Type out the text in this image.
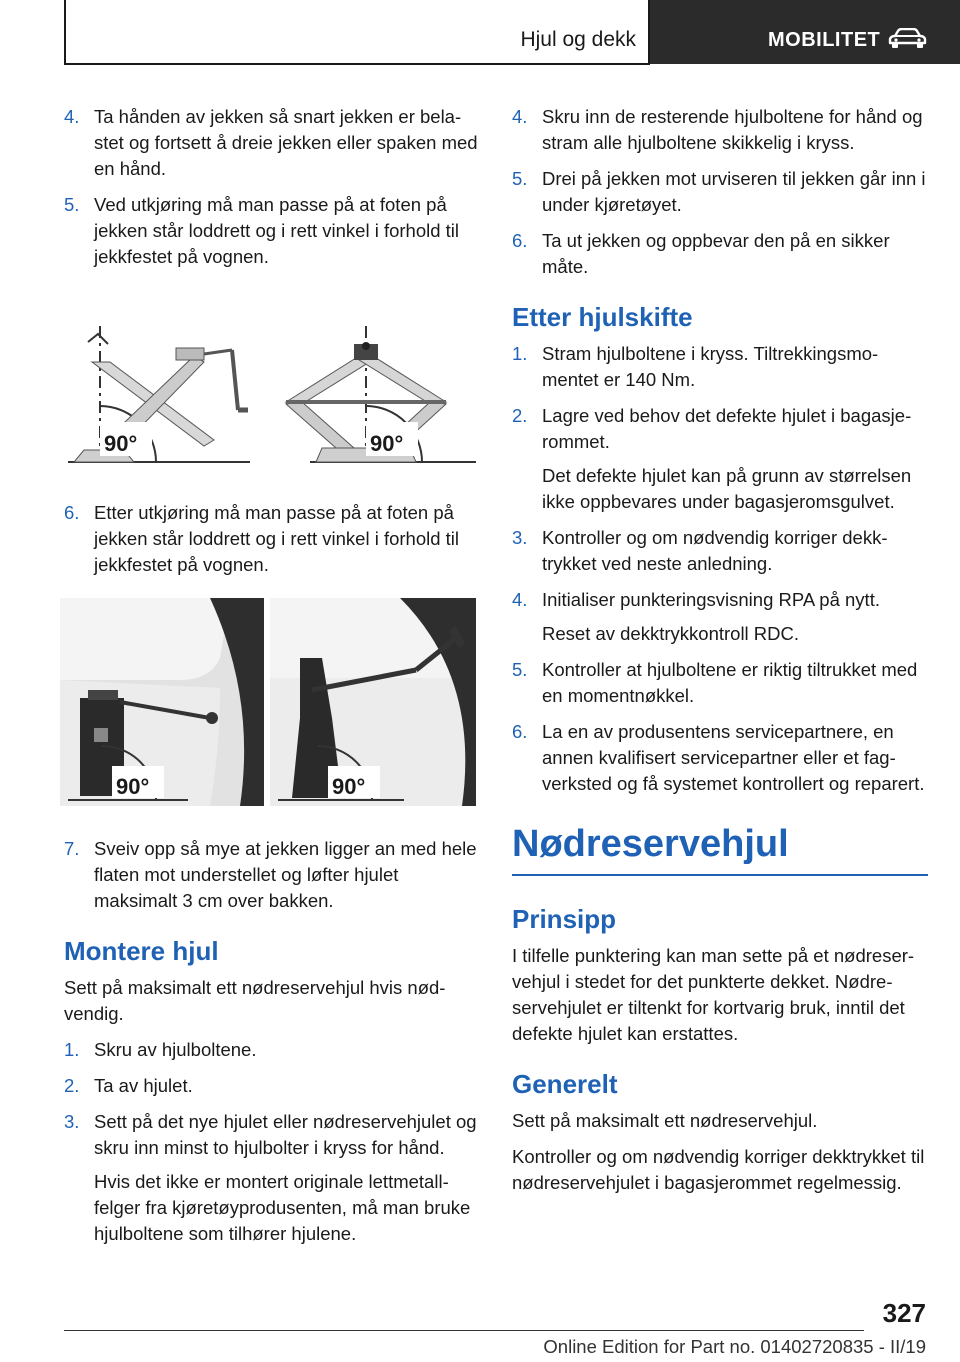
Hjul og dekk	MOBILITET
4. Ta hånden av jekken så snart jekken er belastet og fortsett å dreie jekken eller spaken med en hånd.
5. Ved utkjøring må man passe på at foten på jekken står loddrett og i rett vinkel i forhold til jekkfestet på vognen.
90°	90°
6. Etter utkjøring må man passe på at foten på jekken står loddrett og i rett vinkel i forhold til jekkfestet på vognen.
90°	90°
7. Sveiv opp så mye at jekken ligger an med hele flaten mot understellet og løfter hjulet maksimalt 3 cm over bakken.
Montere hjul
Sett på maksimalt ett nødreservehjul hvis nødvendig.
1. Skru av hjulboltene.
2. Ta av hjulet.
3. Sett på det nye hjulet eller nødreservehjulet og skru inn minst to hjulbolter i kryss for hånd.
Hvis det ikke er montert originale lettmetallfelger fra kjøretøyprodusenten, må man bruke hjulboltene som tilhører hjulene.
4. Skru inn de resterende hjulboltene for hånd og stram alle hjulboltene skikkelig i kryss.
5. Drei på jekken mot urviseren til jekken går inn i under kjøretøyet.
6. Ta ut jekken og oppbevar den på en sikker måte.
Etter hjulskifte
1. Stram hjulboltene i kryss. Tiltrekkingsmomentet er 140 Nm.
2. Lagre ved behov det defekte hjulet i bagasjerommet.
Det defekte hjulet kan på grunn av størrelsen ikke oppbevares under bagasjeromsgulvet.
3. Kontroller og om nødvendig korriger dekktrykket ved neste anledning.
4. Initialiser punkteringsvisning RPA på nytt.
Reset av dekktrykkontroll RDC.
5. Kontroller at hjulboltene er riktig tiltrukket med en momentnøkkel.
6. La en av produsentens servicepartnere, en annen kvalifisert servicepartner eller et fagverksted og få systemet kontrollert og reparert.
Nødreservehjul
Prinsipp
I tilfelle punktering kan man sette på et nødreservehjul i stedet for det punkterte dekket. Nødreservehjulet er tiltenkt for kortvarig bruk, inntil det defekte hjulet kan erstattes.
Generelt
Sett på maksimalt ett nødreservehjul.
Kontroller og om nødvendig korriger dekktrykket til nødreservehjulet i bagasjerommet regelmessig.
327
Online Edition for Part no. 01402720835 - II/19
